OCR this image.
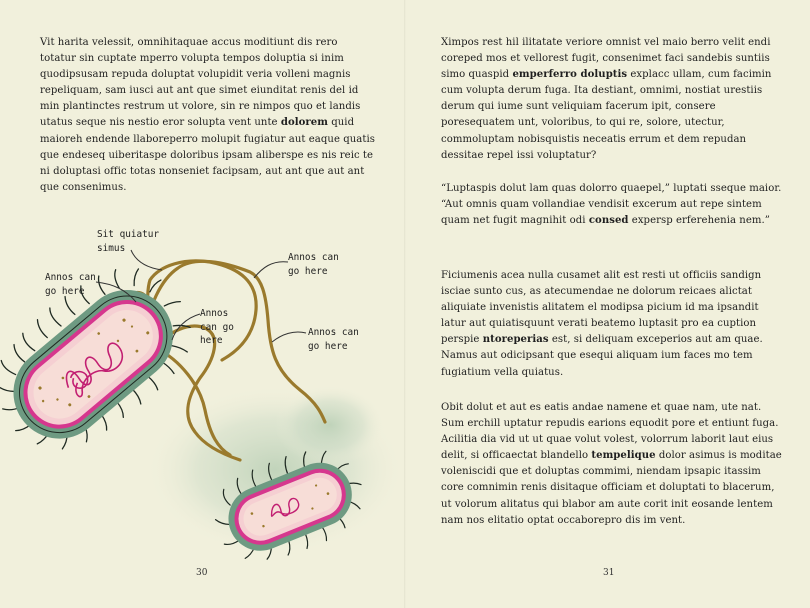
Vit harita velessit, omnihitaquae accus moditiunt dis rero totatur sin cuptate mperro volupta tempos doluptia si inim quodipsusam repuda doluptat volupidit veria volleni magnis repeliquam, sam iusci aut ant que simet eiunditat renis del id min plantinctes restrum ut volore, sin re nimpos quo et landis utatus seque nis nestio eror solupta vent unte dolorem quid maioreh endende llaboreperro molupit fugiatur aut eaque quatis que endeseq uiberitaspe doloribus ipsam aliberspe es nis reic te ni doluptasi offic totas nonseniet facipsam, aut ant que aut ant que consenimus.

Sit quiatur
simus
Annos can
go here
Annos can
go here
Annos
can go
here
Annos can
go here
30

Ximpos rest hil ilitatate veriore omnist vel maio berro velit endi coreped mos et vellorest fugit, consenimet faci sandebis suntiis simo quaspid emperferro doluptis explacc ullam, cum facimin cum volupta derum fuga. Ita destiant, omnimi, nostiat urestiis derum qui iume sunt veliquiam facerum ipit, consere poresequatem unt, voloribus, to qui re, solore, utectur, commoluptam nobisquistis neceatis errum et dem repudan dessitae repel issi voluptatur?

“Luptaspis dolut lam quas dolorro quaepel,” luptati sseque maior. “Aut omnis quam vollandiae vendisit excerum aut repe sintem quam net fugit magnihit odi consed expersp erferehenia nem.”

Ficiumenis acea nulla cusamet alit est resti ut officiis sandign isciae sunto cus, as atecumendae ne dolorum reicaes alictat aliquiate invenistis alitatem el modipsa picium id ma ipsandit latur aut quiatisquunt verati beatemo luptasit pro ea cuption perspie ntoreperias est, si deliquam exceperios aut am quae. Namus aut odicipsant que esequi aliquam ium faces mo tem fugiatium vella quiatus.

Obit dolut et aut es eatis andae namene et quae nam, ute nat. Sum erchill uptatur repudis earions equodit pore et entiunt fuga. Acilitia dia vid ut ut quae volut volest, volorrum laborit laut eius delit, si officaectat blandello tempelique dolor asimus is moditae voleniscidi que et doluptas commimi, niendam ipsapic itassim core comnimin renis disitaque officiam et doluptati to blacerum, ut volorum alitatus qui blabor am aute corit init eosande lentem nam nos elitatio optat occaborepro dis im vent.

31
